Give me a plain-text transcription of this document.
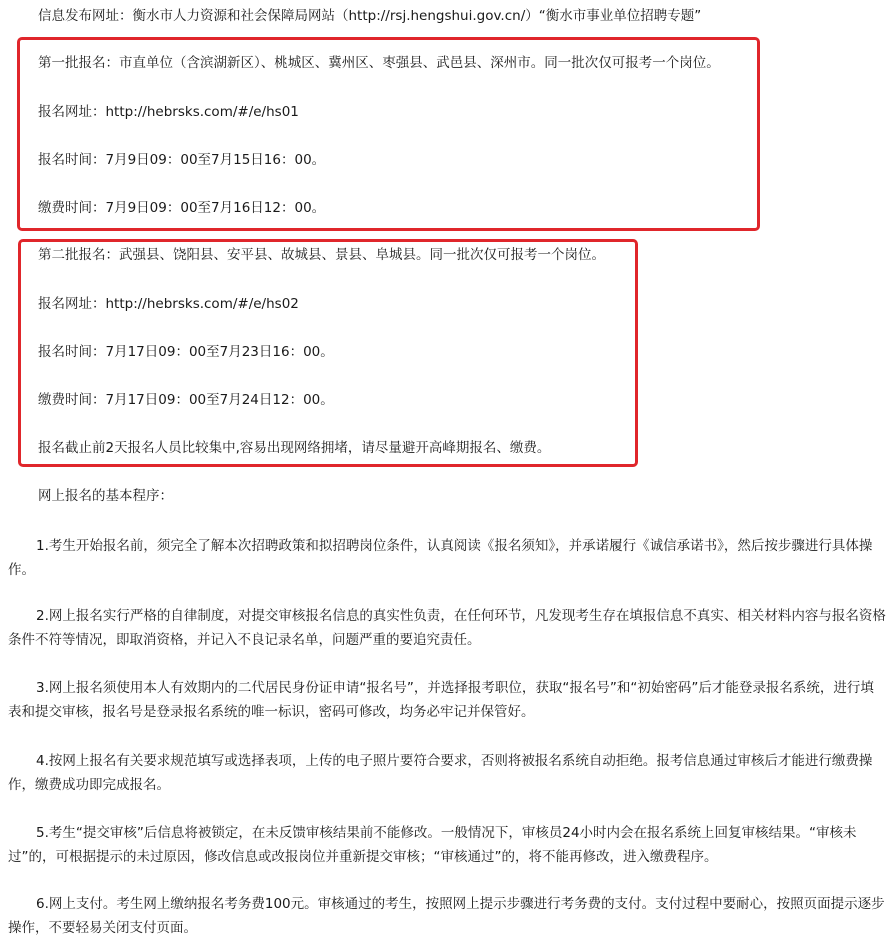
信息发布网址：衡水市人力资源和社会保障局网站（http://rsj.hengshui.gov.cn/）“衡水市事业单位招聘专题”
第一批报名：市直单位（含滨湖新区）、桃城区、冀州区、枣强县、武邑县、深州市。同一批次仅可报考一个岗位。
报名网址：http://hebrsks.com/#/e/hs01
报名时间：7月9日09：00至7月15日16：00。
缴费时间：7月9日09：00至7月16日12：00。
第二批报名：武强县、饶阳县、安平县、故城县、景县、阜城县。同一批次仅可报考一个岗位。
报名网址：http://hebrsks.com/#/e/hs02
报名时间：7月17日09：00至7月23日16：00。
缴费时间：7月17日09：00至7月24日12：00。
报名截止前2天报名人员比较集中,容易出现网络拥堵，请尽量避开高峰期报名、缴费。
网上报名的基本程序：
1.考生开始报名前，须完全了解本次招聘政策和拟招聘岗位条件，认真阅读《报名须知》，并承诺履行《诚信承诺书》，然后按步骤进行具体操作。
2.网上报名实行严格的自律制度，对提交审核报名信息的真实性负责，在任何环节，凡发现考生存在填报信息不真实、相关材料内容与报名资格条件不符等情况，即取消资格，并记入不良记录名单，问题严重的要追究责任。
3.网上报名须使用本人有效期内的二代居民身份证申请“报名号”，并选择报考职位，获取“报名号”和“初始密码”后才能登录报名系统，进行填表和提交审核，报名号是登录报名系统的唯一标识，密码可修改，均务必牢记并保管好。
4.按网上报名有关要求规范填写或选择表项，上传的电子照片要符合要求，否则将被报名系统自动拒绝。报考信息通过审核后才能进行缴费操作，缴费成功即完成报名。
5.考生“提交审核”后信息将被锁定，在未反馈审核结果前不能修改。一般情况下，审核员24小时内会在报名系统上回复审核结果。“审核未过”的，可根据提示的未过原因，修改信息或改报岗位并重新提交审核；“审核通过”的，将不能再修改，进入缴费程序。
6.网上支付。考生网上缴纳报名考务费100元。审核通过的考生，按照网上提示步骤进行考务费的支付。支付过程中要耐心，按照页面提示逐步操作，不要轻易关闭支付页面。
